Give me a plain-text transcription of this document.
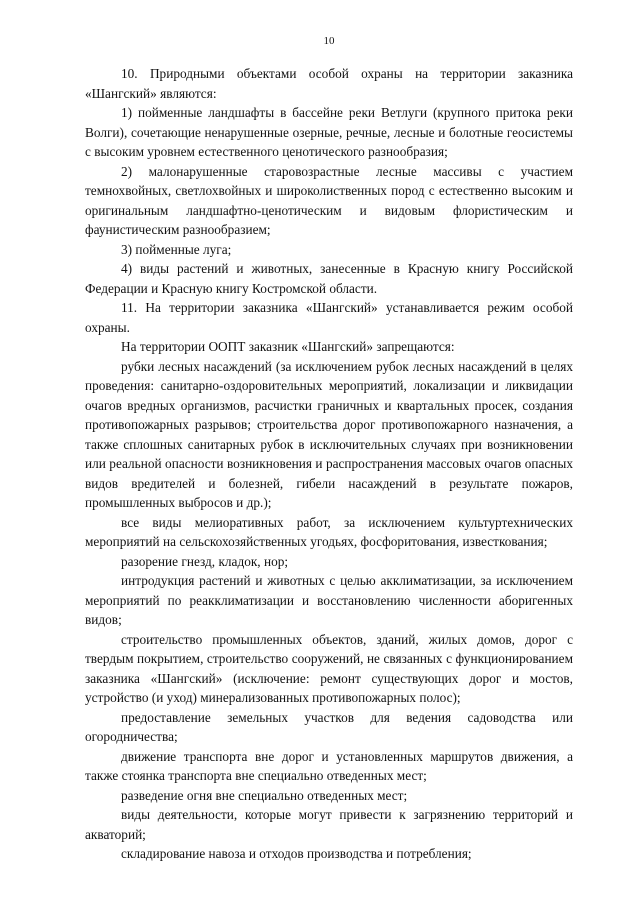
10

10. Природными объектами особой охраны на территории заказника «Шангский» являются:

1) пойменные ландшафты в бассейне реки Ветлуги (крупного притока реки Волги), сочетающие ненарушенные озерные, речные, лесные и болотные геосистемы с высоким уровнем естественного ценотического разнообразия;

2) малонарушенные старовозрастные лесные массивы с участием темнохвойных, светлохвойных и широколиственных пород с естественно высоким и оригинальным ландшафтно-ценотическим и видовым флористическим и фаунистическим разнообразием;

3) пойменные луга;

4) виды растений и животных, занесенные в Красную книгу Российской Федерации и Красную книгу Костромской области.

11. На территории заказника «Шангский» устанавливается режим особой охраны.

На территории ООПТ заказник «Шангский» запрещаются:

рубки лесных насаждений (за исключением рубок лесных насаждений в целях проведения: санитарно-оздоровительных мероприятий, локализации и ликвидации очагов вредных организмов, расчистки граничных и квартальных просек, создания противопожарных разрывов; строительства дорог противопожарного назначения, а также сплошных санитарных рубок в исключительных случаях при возникновении или реальной опасности возникновения и распространения массовых очагов опасных видов вредителей и болезней, гибели насаждений в результате пожаров, промышленных выбросов и др.);

все виды мелиоративных работ, за исключением культуртехнических мероприятий на сельскохозяйственных угодьях, фосфоритования, известкования;

разорение гнезд, кладок, нор;

интродукция растений и животных с целью акклиматизации, за исключением мероприятий по реакклиматизации и восстановлению численности аборигенных видов;

строительство промышленных объектов, зданий, жилых домов, дорог с твердым покрытием, строительство сооружений, не связанных с функционированием заказника «Шангский» (исключение: ремонт существующих дорог и мостов, устройство (и уход) минерализованных противопожарных полос);

предоставление земельных участков для ведения садоводства или огородничества;

движение транспорта вне дорог и установленных маршрутов движения, а также стоянка транспорта вне специально отведенных мест;

разведение огня вне специально отведенных мест;

виды деятельности, которые могут привести к загрязнению территорий и акваторий;

складирование навоза и отходов производства и потребления;
